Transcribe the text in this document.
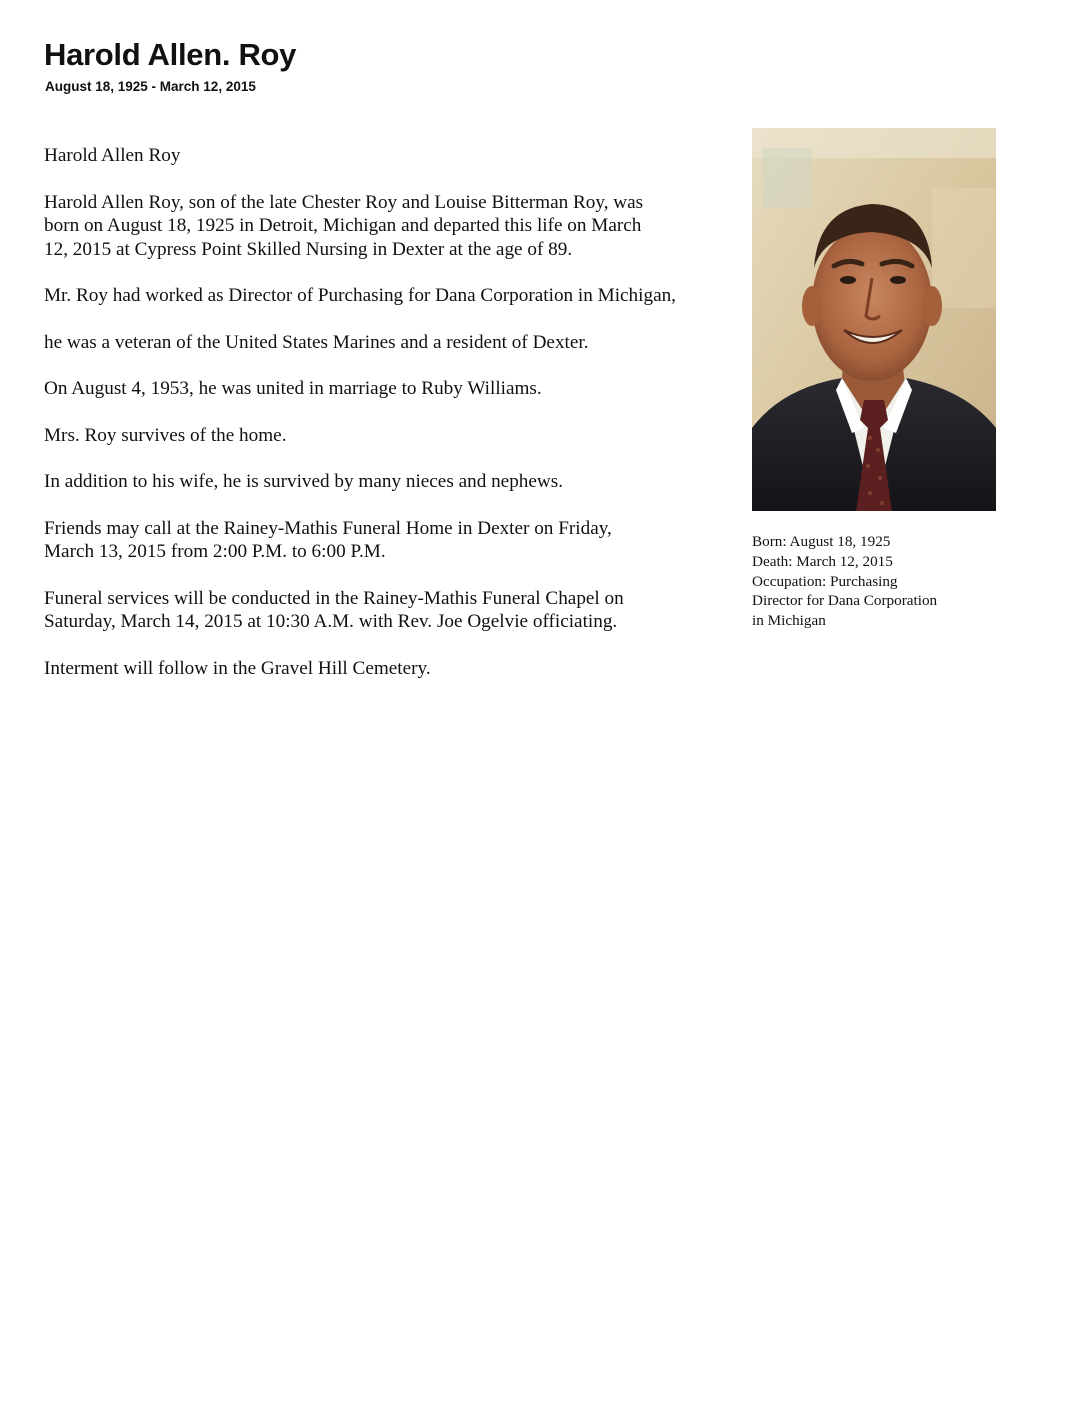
Harold Allen. Roy
August 18, 1925 - March 12, 2015

Harold Allen Roy

Harold Allen Roy, son of the late Chester Roy and Louise Bitterman Roy, was
born on August 18, 1925 in Detroit, Michigan and departed this life on March
12, 2015 at Cypress Point Skilled Nursing in Dexter at the age of 89.

Mr. Roy had worked as Director of Purchasing for Dana Corporation in Michigan,

he was a veteran of the United States Marines and a resident of Dexter.

On August 4, 1953, he was united in marriage to Ruby Williams.

Mrs. Roy survives of the home.

In addition to his wife, he is survived by many nieces and nephews.

Friends may call at the Rainey-Mathis Funeral Home in Dexter on Friday,
March 13, 2015 from 2:00 P.M. to 6:00 P.M.

Funeral services will be conducted in the Rainey-Mathis Funeral Chapel on
Saturday, March 14, 2015 at 10:30 A.M. with Rev. Joe Ogelvie officiating.

Interment will follow in the Gravel Hill Cemetery.

Born: August 18, 1925
Death: March 12, 2015
Occupation: Purchasing
Director for Dana Corporation
in Michigan
